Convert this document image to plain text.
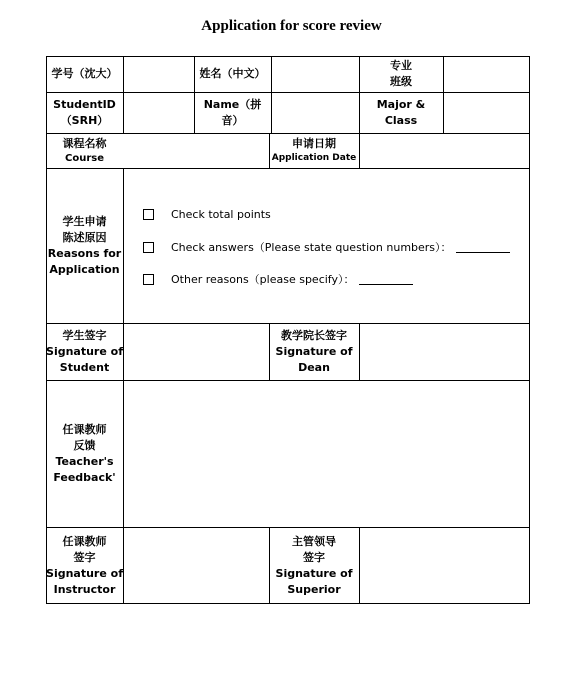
Application for score review
学号（沈大）	姓名（中文）
专业
班级
StudentID
（SRH）
Name（拼
音）
Major &
Class
课程名称
Course
申请日期
Application Date
学生申请
陈述原因
Reasons for
Application
Check total points
Check answers（Please state question numbers）：
Other reasons（please specify）：
学生签字
Signature of
Student
教学院长签字
Signature of
Dean
任课教师
反馈
Teacher's
Feedback'
任课教师
签字
Signature of
Instructor
主管领导
签字
Signature of
Superior
